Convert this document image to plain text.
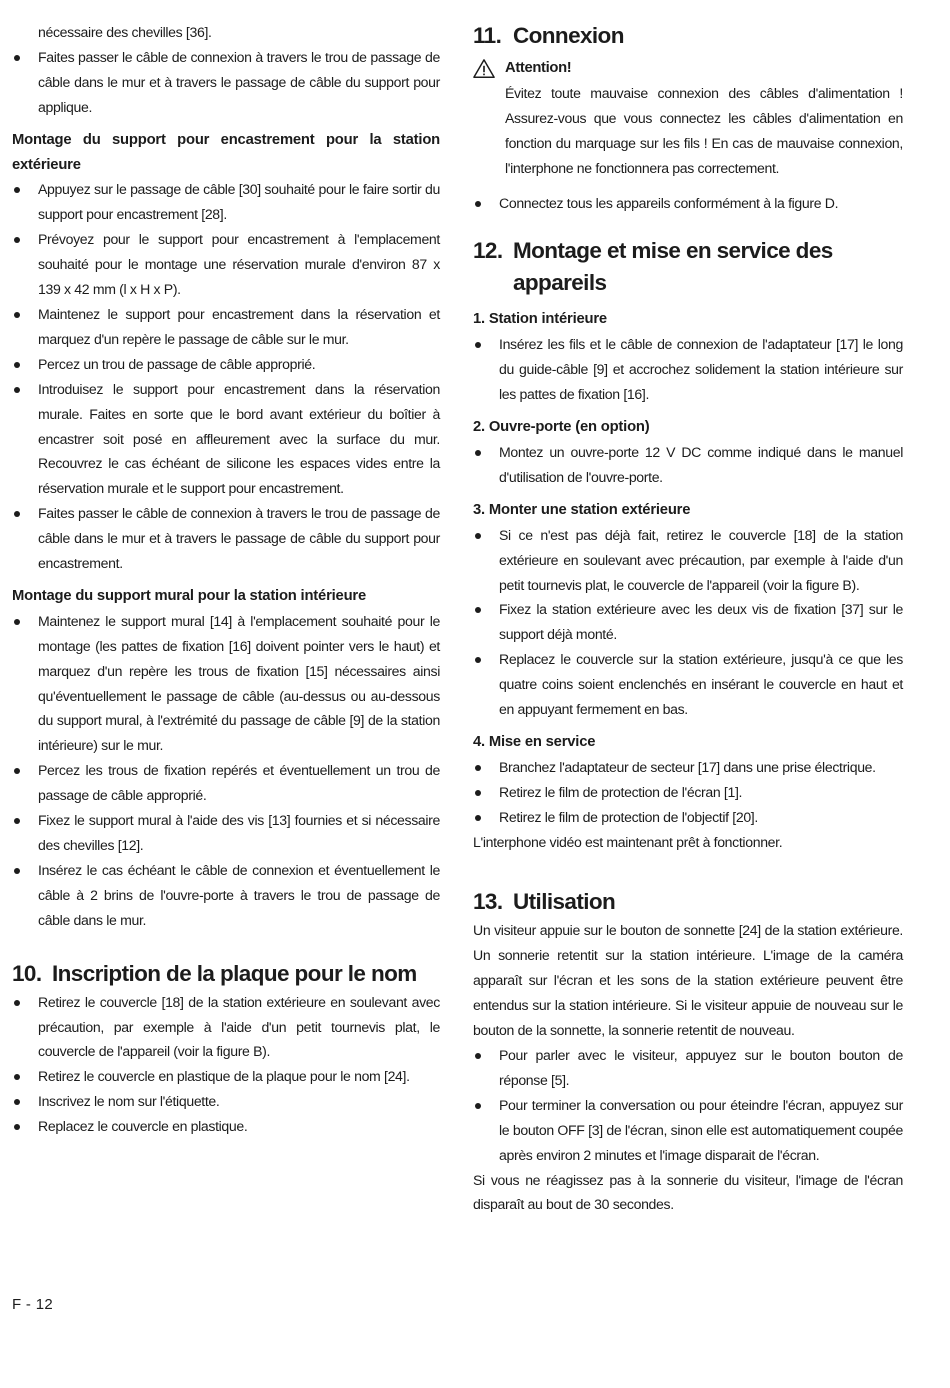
nécessaire des chevilles [36].

Faites passer le câble de connexion à travers le trou de passage de câble dans le mur et à travers le passage de câble du support pour applique.

Montage du support pour encastrement pour la station extérieure

Appuyez sur le passage de câble [30] souhaité pour le faire sortir du support pour encastrement [28].
Prévoyez pour le support pour encastrement à l'emplacement souhaité pour le montage une réservation murale d'environ 87 x 139 x 42 mm (l x H x P).
Maintenez le support pour encastrement dans la réservation et marquez d'un repère le passage de câble sur le mur.
Percez un trou de passage de câble approprié.
Introduisez le support pour encastrement dans la réservation murale. Faites en sorte que le bord avant extérieur du boîtier à encastrer soit posé en affleurement avec la surface du mur. Recouvrez le cas échéant de silicone les espaces vides entre la réservation murale et le support pour encastrement.
Faites passer le câble de connexion à travers le trou de passage de câble dans le mur et à travers le passage de câble du support pour encastrement.

Montage du support mural pour la station intérieure

Maintenez le support mural [14] à l'emplacement souhaité pour le montage (les pattes de fixation [16] doivent pointer vers le haut) et marquez d'un repère les trous de fixation [15] nécessaires ainsi qu'éventuellement le passage de câble (au-dessus ou au-dessous du support mural, à l'extrémité du passage de câble [9] de la station intérieure) sur le mur.
Percez les trous de fixation repérés et éventuellement un trou de passage de câble approprié.
Fixez le support mural à l'aide des vis [13] fournies et si nécessaire des chevilles [12].
Insérez le cas échéant le câble de connexion et éventuellement le câble à 2 brins de l'ouvre-porte à travers le trou de passage de câble dans le mur.
10. Inscription de la plaque pour le nom
Retirez le couvercle [18] de la station extérieure en soulevant avec précaution, par exemple à l'aide d'un petit tournevis plat, le couvercle de l'appareil (voir la figure B).
Retirez le couvercle en plastique de la plaque pour le nom [24].
Inscrivez le nom sur l'étiquette.
Replacez le couvercle en plastique.
11. Connexion

Attention!

Évitez toute mauvaise connexion des câbles d'alimentation ! Assurez-vous que vous connectez les câbles d'alimentation en fonction du marquage sur les fils ! En cas de mauvaise connexion, l'interphone ne fonctionnera pas correctement.

Connectez tous les appareils conformément à la figure D.
12. Montage et mise en service des appareils

1. Station intérieure

Insérez les fils et le câble de connexion de l'adaptateur [17] le long du guide-câble [9] et accrochez solidement la station intérieure sur les pattes de fixation [16].

2. Ouvre-porte (en option)

Montez un ouvre-porte 12 V DC comme indiqué dans le manuel d'utilisation de l'ouvre-porte.

3. Monter une station extérieure

Si ce n'est pas déjà fait, retirez le couvercle [18] de la station extérieure en soulevant avec précaution, par exemple à l'aide d'un petit tournevis plat, le couvercle de l'appareil (voir la figure B).
Fixez la station extérieure avec les deux vis de fixation [37] sur le support déjà monté.
Replacez le couvercle sur la station extérieure, jusqu'à ce que les quatre coins soient enclenchés en insérant le couvercle en haut et en appuyant fermement en bas.

4. Mise en service

Branchez l'adaptateur de secteur [17] dans une prise électrique.
Retirez le film de protection de l'écran [1].
Retirez le film de protection de l'objectif [20].

L'interphone vidéo est maintenant prêt à fonctionner.

13. Utilisation

Un visiteur appuie sur le bouton de sonnette [24] de la station extérieure. Un sonnerie retentit sur la station intérieure. L'image de la caméra apparaît sur l'écran et les sons de la station extérieure peuvent être entendus sur la station intérieure. Si le visiteur appuie de nouveau sur le bouton de la sonnette, la sonnerie retentit de nouveau.

Pour parler avec le visiteur, appuyez sur le bouton bouton de réponse [5].
Pour terminer la conversation ou pour éteindre l'écran, appuyez sur le bouton OFF [3] de l'écran, sinon elle est automatiquement coupée après environ 2 minutes et l'image disparait de l'écran.

Si vous ne réagissez pas à la sonnerie du visiteur, l'image de l'écran disparaît au bout de 30 secondes.

F - 12
